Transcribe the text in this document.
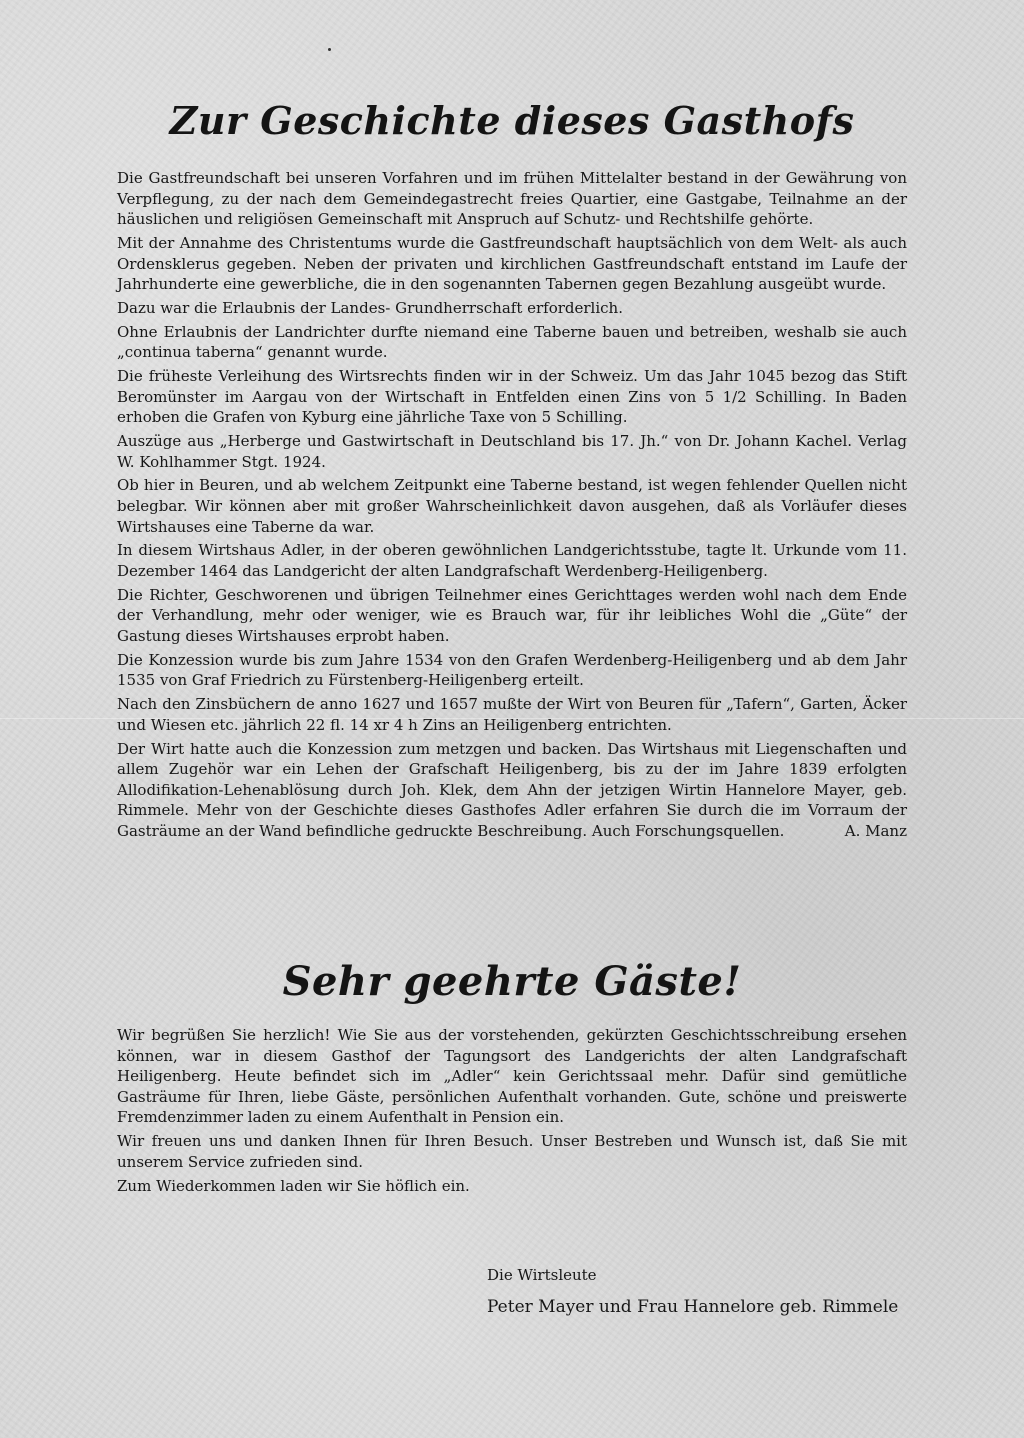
Zur Geschichte dieses Gasthofs

Die Gastfreundschaft bei unseren Vorfahren und im frühen Mittelalter bestand in der Gewährung von Verpflegung, zu der nach dem Gemeindegastrecht freies Quartier, eine Gastgabe, Teilnahme an der häuslichen und religiösen Gemeinschaft mit Anspruch auf Schutz- und Rechtshilfe gehörte.

Mit der Annahme des Christentums wurde die Gastfreundschaft hauptsächlich von dem Welt- als auch Ordensklerus gegeben. Neben der privaten und kirchlichen Gastfreundschaft entstand im Laufe der Jahrhunderte eine gewerbliche, die in den sogenannten Tabernen gegen Bezahlung ausgeübt wurde.

Dazu war die Erlaubnis der Landes- Grundherrschaft erforderlich.

Ohne Erlaubnis der Landrichter durfte niemand eine Taberne bauen und betreiben, weshalb sie auch „continua taberna“ genannt wurde.

Die früheste Verleihung des Wirtsrechts finden wir in der Schweiz. Um das Jahr 1045 bezog das Stift Beromünster im Aargau von der Wirtschaft in Entfelden einen Zins von 5 1/2 Schilling. In Baden erhoben die Grafen von Kyburg eine jährliche Taxe von 5 Schilling.

Auszüge aus „Herberge und Gastwirtschaft in Deutschland bis 17. Jh.“ von Dr. Johann Kachel. Verlag W. Kohlhammer Stgt. 1924.

Ob hier in Beuren, und ab welchem Zeitpunkt eine Taberne bestand, ist wegen fehlender Quellen nicht belegbar. Wir können aber mit großer Wahrscheinlichkeit davon ausgehen, daß als Vorläufer dieses Wirtshauses eine Taberne da war.

In diesem Wirtshaus Adler, in der oberen gewöhnlichen Landgerichtsstube, tagte lt. Urkunde vom 11. Dezember 1464 das Landgericht der alten Landgrafschaft Werdenberg-Heiligenberg.

Die Richter, Geschworenen und übrigen Teilnehmer eines Gerichttages werden wohl nach dem Ende der Verhandlung, mehr oder weniger, wie es Brauch war, für ihr leibliches Wohl die „Güte“ der Gastung dieses Wirtshauses erprobt haben.

Die Konzession wurde bis zum Jahre 1534 von den Grafen Werdenberg-Heiligenberg und ab dem Jahr 1535 von Graf Friedrich zu Fürstenberg-Heiligenberg erteilt.

Nach den Zinsbüchern de anno 1627 und 1657 mußte der Wirt von Beuren für „Tafern“, Garten, Äcker und Wiesen etc. jährlich 22 fl. 14 xr 4 h Zins an Heiligenberg entrichten.

Der Wirt hatte auch die Konzession zum metzgen und backen. Das Wirtshaus mit Liegenschaften und allem Zugehör war ein Lehen der Grafschaft Heiligenberg, bis zu der im Jahre 1839 erfolgten Allodifikation-Lehenablösung durch Joh. Klek, dem Ahn der jetzigen Wirtin Hannelore Mayer, geb. Rimmele. Mehr von der Geschichte dieses Gasthofes Adler erfahren Sie durch die im Vorraum der Gasträume an der Wand befindliche gedruckte Beschreibung. Auch Forschungsquellen.	A. Manz

Sehr geehrte Gäste!

Wir begrüßen Sie herzlich! Wie Sie aus der vorstehenden, gekürzten Geschichtsschreibung ersehen können, war in diesem Gasthof der Tagungsort des Landgerichts der alten Landgrafschaft Heiligenberg. Heute befindet sich im „Adler“ kein Gerichtssaal mehr. Dafür sind gemütliche Gasträume für Ihren, liebe Gäste, persönlichen Aufenthalt vorhanden. Gute, schöne und preiswerte Fremdenzimmer laden zu einem Aufenthalt in Pension ein.

Wir freuen uns und danken Ihnen für Ihren Besuch. Unser Bestreben und Wunsch ist, daß Sie mit unserem Service zufrieden sind.

Zum Wiederkommen laden wir Sie höflich ein.

Die Wirtsleute
Peter Mayer und Frau Hannelore geb. Rimmele
